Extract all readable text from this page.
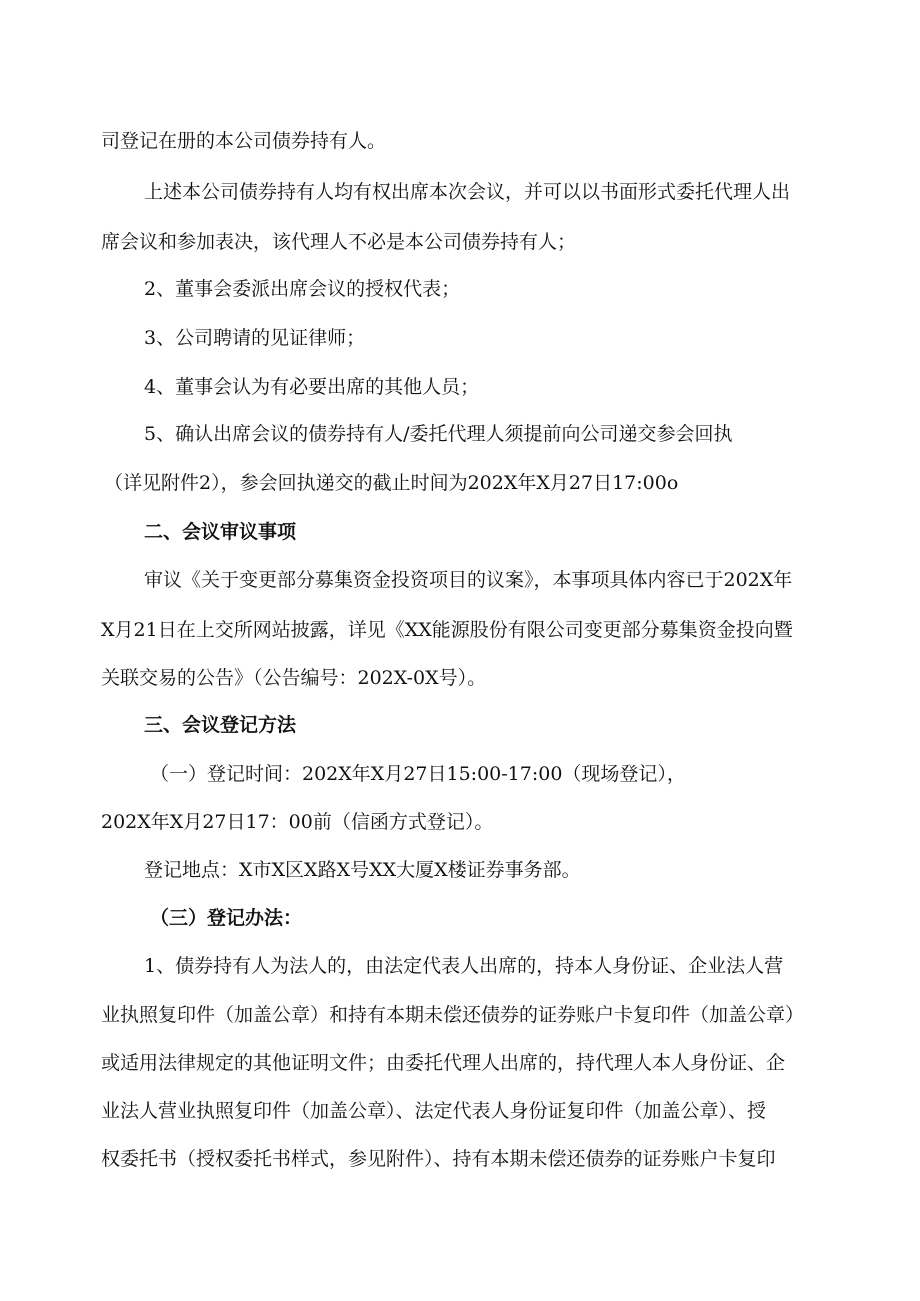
司登记在册的本公司债券持有人。
上述本公司债券持有人均有权出席本次会议，并可以以书面形式委托代理人出
席会议和参加表决，该代理人不必是本公司债券持有人；
2、董事会委派出席会议的授权代表；
3、公司聘请的见证律师；
4、董事会认为有必要出席的其他人员；
5、确认出席会议的债券持有人/委托代理人须提前向公司递交参会回执
（详见附件2），参会回执递交的截止时间为202X年X月27日17:00o
二、会议审议事项
审议《关于变更部分募集资金投资项目的议案》，本事项具体内容已于202X年
X月21日在上交所网站披露，详见《XX能源股份有限公司变更部分募集资金投向暨
关联交易的公告》（公告编号：202X-0X号）。
三、会议登记方法
（一）登记时间：202X年X月27日15:00-17:00（现场登记），
202X年X月27日17：00前（信函方式登记）。
登记地点：X市X区X路X号XX大厦X楼证券事务部。
（三）登记办法：
1、债券持有人为法人的，由法定代表人出席的，持本人身份证、企业法人营
业执照复印件（加盖公章）和持有本期未偿还债券的证券账户卡复印件（加盖公章）
或适用法律规定的其他证明文件；由委托代理人出席的，持代理人本人身份证、企
业法人营业执照复印件（加盖公章）、法定代表人身份证复印件（加盖公章）、授
权委托书（授权委托书样式，参见附件）、持有本期未偿还债券的证券账户卡复印
